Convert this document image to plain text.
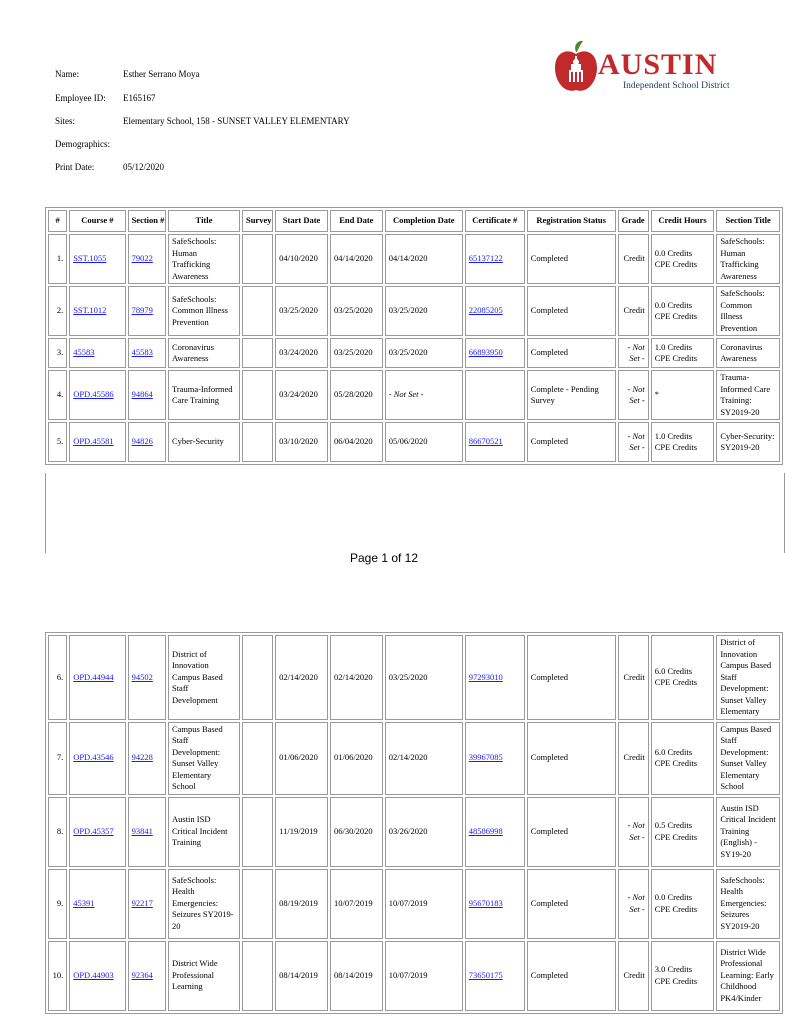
Name:	Esther Serrano Moya
Employee ID:	E165167
Sites:	Elementary School, 158 - SUNSET VALLEY ELEMENTARY
Demographics:
Print Date:	05/12/2020
AUSTIN
Independent School District
#	Course #	Section #	Title	Survey	Start Date	End Date	Completion Date	Certificate #	Registration Status	Grade	Credit Hours	Section Title
1.	SST.1055	79022	SafeSchools: Human Trafficking Awareness		04/10/2020	04/14/2020	04/14/2020	65137122	Completed	Credit	0.0 Credits
CPE Credits	SafeSchools: Human Trafficking Awareness
2.	SST.1012	78979	SafeSchools: Common Illness Prevention		03/25/2020	03/25/2020	03/25/2020	22085205	Completed	Credit	0.0 Credits
CPE Credits	SafeSchools: Common Illness Prevention
3.	45583	45583	Coronavirus Awareness		03/24/2020	03/25/2020	03/25/2020	66893950	Completed	- Not Set -	1.0 Credits
CPE Credits	Coronavirus Awareness
4.	OPD.45586	94864	Trauma-Informed Care Training		03/24/2020	05/28/2020	- Not Set -		Complete - Pending Survey	- Not Set -	*	Trauma-Informed Care Training: SY2019-20
5.	OPD.45581	94826	Cyber-Security		03/10/2020	06/04/2020	05/06/2020	86670521	Completed	- Not Set -	1.0 Credits
CPE Credits	Cyber-Security: SY2019-20
Page 1 of 12
6.	OPD.44944	94502	District of Innovation Campus Based Staff Development		02/14/2020	02/14/2020	03/25/2020	97293010	Completed	Credit	6.0 Credits
CPE Credits	District of Innovation Campus Based Staff Development: Sunset Valley Elementary
7.	OPD.43546	94228	Campus Based Staff Development: Sunset Valley Elementary School		01/06/2020	01/06/2020	02/14/2020	39967085	Completed	Credit	6.0 Credits
CPE Credits	Campus Based Staff Development: Sunset Valley Elementary School
8.	OPD.45357	93841	Austin ISD Critical Incident Training		11/19/2019	06/30/2020	03/26/2020	48586998	Completed	- Not Set -	0.5 Credits
CPE Credits	Austin ISD Critical Incident Training (English) - SY19-20
9.	45391	92217	SafeSchools: Health Emergencies: Seizures SY2019-20		08/19/2019	10/07/2019	10/07/2019	95670183	Completed	- Not Set -	0.0 Credits
CPE Credits	SafeSchools: Health Emergencies: Seizures SY2019-20
10.	OPD.44903	92364	District Wide Professional Learning		08/14/2019	08/14/2019	10/07/2019	73650175	Completed	Credit	3.0 Credits
CPE Credits	District Wide Professional Learning: Early Childhood PK4/Kinder
